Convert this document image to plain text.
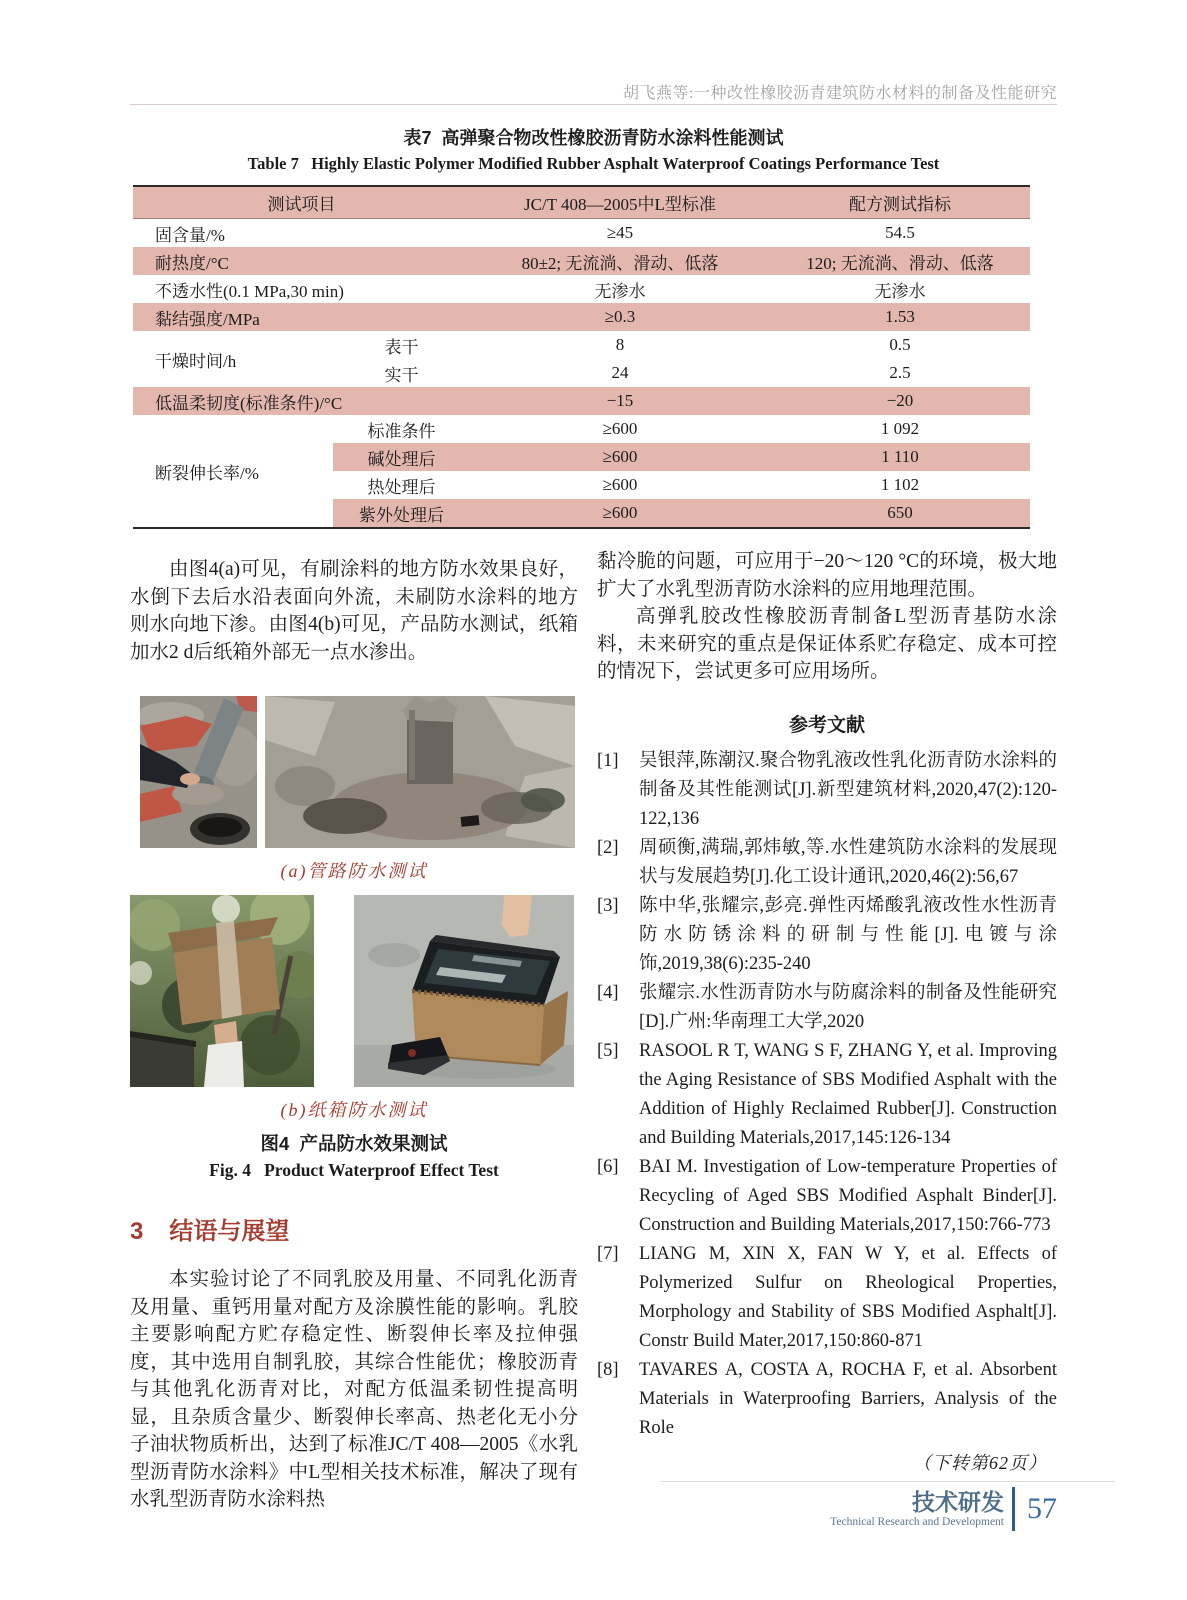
胡飞燕等:一种改性橡胶沥青建筑防水材料的制备及性能研究
表7  高弹聚合物改性橡胶沥青防水涂料性能测试
Table 7   Highly Elastic Polymer Modified Rubber Asphalt Waterproof Coatings Performance Test
测试项目		JC/T 408—2005中L型标准	配方测试指标
固含量/%		≥45	54.5
耐热度/°C		80±2; 无流淌、滑动、低落	120; 无流淌、滑动、低落
不透水性(0.1 MPa,30 min)		无渗水	无渗水
黏结强度/MPa		≥0.3	1.53
干燥时间/h	表干	8	0.5
	实干	24	2.5
低温柔韧度(标准条件)/°C		−15	−20
断裂伸长率/%	标准条件	≥600	1 092
	碱处理后	≥600	1 110
	热处理后	≥600	1 102
	紫外处理后	≥600	650

由图4(a)可见，有刷涂料的地方防水效果良好，水倒下去后水沿表面向外流，未刷防水涂料的地方则水向地下渗。由图4(b)可见，产品防水测试，纸箱加水2 d后纸箱外部无一点水渗出。

(a)管路防水测试
(b)纸箱防水测试
图4  产品防水效果测试
Fig. 4   Product Waterproof Effect Test
3 结语与展望

本实验讨论了不同乳胶及用量、不同乳化沥青及用量、重钙用量对配方及涂膜性能的影响。乳胶主要影响配方贮存稳定性、断裂伸长率及拉伸强度，其中选用自制乳胶，其综合性能优；橡胶沥青与其他乳化沥青对比，对配方低温柔韧性提高明显，且杂质含量少、断裂伸长率高、热老化无小分子油状物质析出，达到了标准JC/T 408—2005《水乳型沥青防水涂料》中L型相关技术标准，解决了现有水乳型沥青防水涂料热

黏冷脆的问题，可应用于−20～120 °C的环境，极大地扩大了水乳型沥青防水涂料的应用地理范围。

高弹乳胶改性橡胶沥青制备L型沥青基防水涂料，未来研究的重点是保证体系贮存稳定、成本可控的情况下，尝试更多可应用场所。

参考文献
[1]	吴银萍,陈潮汉.聚合物乳液改性乳化沥青防水涂料的制备及其性能测试[J].新型建筑材料,2020,47(2):120-122,136
[2]	周硕衡,满瑞,郭炜敏,等.水性建筑防水涂料的发展现状与发展趋势[J].化工设计通讯,2020,46(2):56,67
[3]	陈中华,张耀宗,彭亮.弹性丙烯酸乳液改性水性沥青防水防锈涂料的研制与性能[J].电镀与涂饰,2019,38(6):235-240
[4]	张耀宗.水性沥青防水与防腐涂料的制备及性能研究[D].广州:华南理工大学,2020
[5]	RASOOL R T, WANG S F, ZHANG Y, et al. Improving the Aging Resistance of SBS Modified Asphalt with the Addition of Highly Reclaimed Rubber[J]. Construction and Building Materials,2017,145:126-134
[6]	BAI M. Investigation of Low-temperature Properties of Recycling of Aged SBS Modified Asphalt Binder[J]. Construction and Building Materials,2017,150:766-773
[7]	LIANG M, XIN X, FAN W Y, et al. Effects of Polymerized Sulfur on Rheological Properties, Morphology and Stability of SBS Modified Asphalt[J]. Constr Build Mater,2017,150:860-871
[8]	TAVARES A, COSTA A, ROCHA F, et al. Absorbent Materials in Waterproofing Barriers, Analysis of the Role
（下转第62页）
技术研发
Technical Research and Development 57
